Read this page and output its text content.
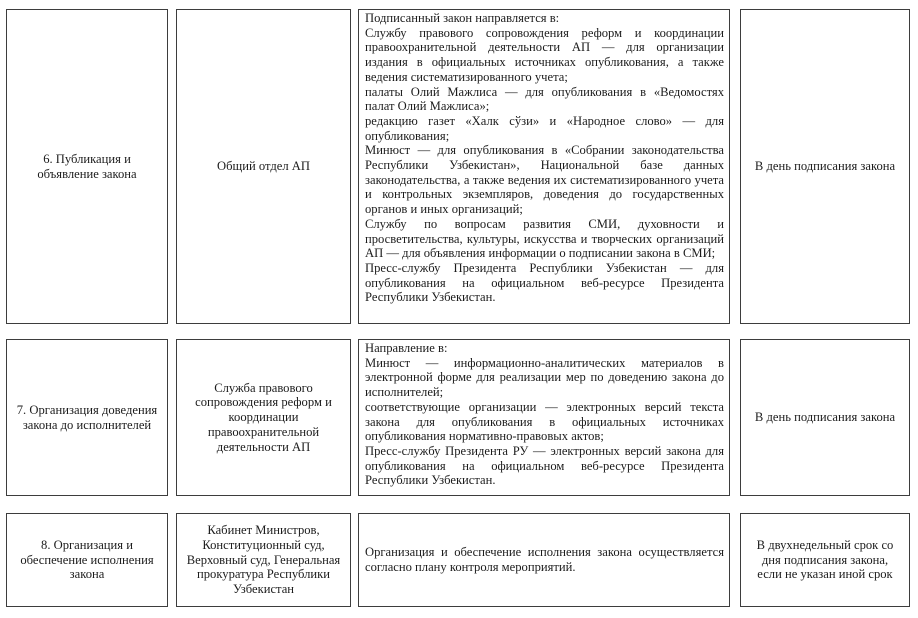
6. Публикация и объявление закона
Общий отдел АП

Подписанный закон направляется в:

Службу правового сопровождения реформ и координации правоохранительной деятельности АП — для организации издания в официальных источниках опубликования, а также ведения систематизированного учета;

палаты Олий Мажлиса — для опубликования в «Ведомостях палат Олий Мажлиса»;

редакцию газет «Халк сўзи» и «Народное слово» — для опубликования;

Минюст — для опубликования в «Собрании законодательства Республики Узбекистан», Национальной базе данных законодательства, а также ведения их систематизированного учета и контрольных экземпляров, доведения до государственных органов и иных организаций;

Службу по вопросам развития СМИ, духовности и просветительства, культуры, искусства и творческих организаций АП — для объявления информации о подписании закона в СМИ;

Пресс-службу Президента Республики Узбекистан — для опубликования на официальном веб-ресурсе Президента Республики Узбекистан.

В день подписания закона
7. Организация доведения закона до исполнителей
Служба правового сопровождения реформ и координации правоохранительной деятельности АП

Направление в:

Минюст — информационно-аналитических материалов в электронной форме для реализации мер по доведению закона до исполнителей;

соответствующие организации — электронных версий текста закона для опубликования в официальных источниках опубликования нормативно-правовых актов;

Пресс-службу Президента РУ — электронных версий закона для опубликования на официальном веб-ресурсе Президента Республики Узбекистан.

В день подписания закона
8. Организация и обеспечение исполнения закона
Кабинет Министров, Конституционный суд, Верховный суд, Генеральная прокуратура Республики Узбекистан

Организация и обеспечение исполнения закона осуществляется согласно плану контроля мероприятий.

В двухнедельный срок со дня подписания закона, если не указан иной срок
